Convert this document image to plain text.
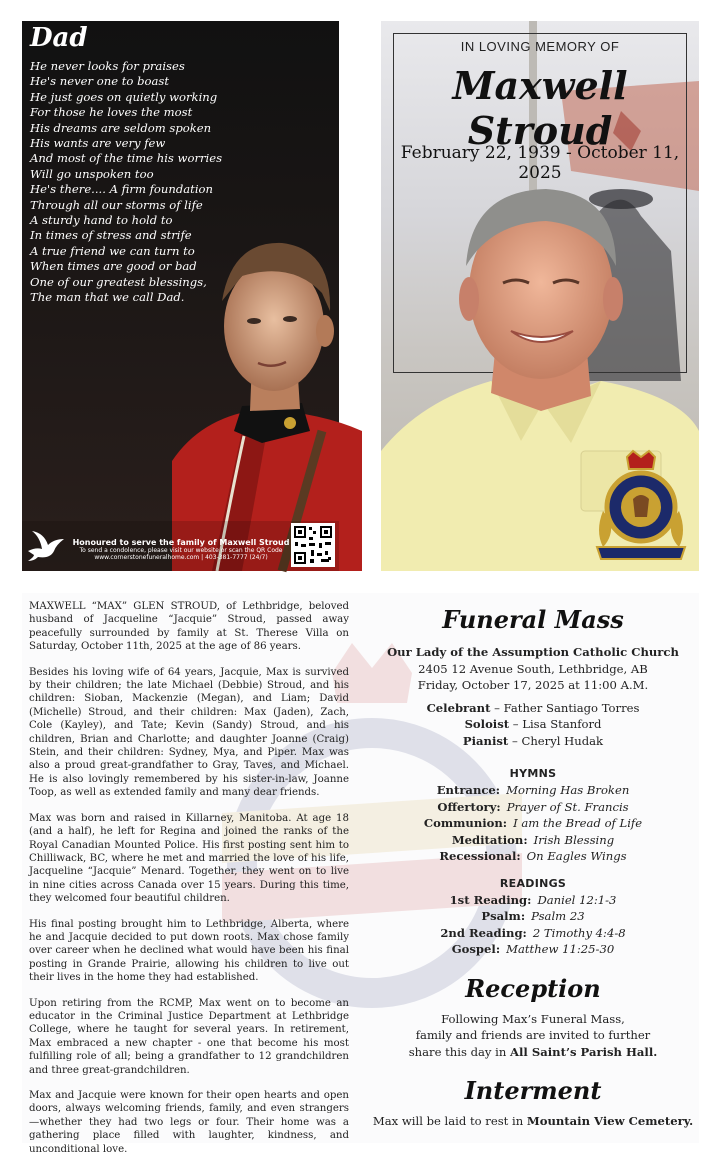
Dad
He never looks for praises
He's never one to boast
He just goes on quietly working
For those he loves the most
His dreams are seldom spoken
His wants are very few
And most of the time his worries
Will go unspoken too
He's there.... A firm foundation
Through all our storms of life
A sturdy hand to hold to
In times of stress and strife
A true friend we can turn to
When times are good or bad
One of our greatest blessings,
The man that we call Dad.
Honoured to serve the family of Maxwell Stroud
To send a condolence, please visit our website or scan the QR Code
www.cornerstonefuneralhome.com | 403-381-7777 (24/7)
IN LOVING MEMORY OF
Maxwell Stroud
February 22, 1939 - October 11, 2025

MAXWELL “MAX” GLEN STROUD, of Lethbridge, beloved husband of Jacqueline “Jacquie” Stroud, passed away peacefully surrounded by family at St. Therese Villa on Saturday, October 11th, 2025 at the age of 86 years.

Besides his loving wife of 64 years, Jacquie, Max is survived by their children; the late Michael (Debbie) Stroud, and his children: Sioban, Mackenzie (Megan), and Liam; David (Michelle) Stroud, and their children: Max (Jaden), Zach, Cole (Kayley), and Tate; Kevin (Sandy) Stroud, and his children, Brian and Charlotte; and daughter Joanne (Craig) Stein, and their children: Sydney, Mya, and Piper. Max was also a proud great-grandfather to Gray, Taves, and Michael. He is also lovingly remembered by his sister-in-law, Joanne Toop, as well as extended family and many dear friends.

Max was born and raised in Killarney, Manitoba. At age 18 (and a half), he left for Regina and joined the ranks of the Royal Canadian Mounted Police. His first posting sent him to Chilliwack, BC, where he met and married the love of his life, Jacqueline “Jacquie” Menard. Together, they went on to live in nine cities across Canada over 15 years. During this time, they welcomed four beautiful children.

His final posting brought him to Lethbridge, Alberta, where he and Jacquie decided to put down roots. Max chose family over career when he declined what would have been his final posting in Grande Prairie, allowing his children to live out their lives in the home they had established.

Upon retiring from the RCMP, Max went on to become an educator in the Criminal Justice Department at Lethbridge College, where he taught for several years. In retirement, Max embraced a new chapter - one that become his most fulfilling role of all; being a grandfather to 12 grandchildren and three great-grandchildren.

Max and Jacquie were known for their open hearts and open doors, always welcoming friends, family, and even strangers—whether they had two legs or four. Their home was a gathering place filled with laughter, kindness, and unconditional love.

Funeral Mass
Our Lady of the Assumption Catholic Church
2405 12 Avenue South, Lethbridge, AB
Friday, October 17, 2025 at 11:00 A.M.
Celebrant – Father Santiago Torres
Soloist – Lisa Stanford
Pianist – Cheryl Hudak
HYMNS
Entrance: Morning Has Broken
Offertory: Prayer of St. Francis
Communion: I am the Bread of Life
Meditation: Irish Blessing
Recessional: On Eagles Wings
READINGS
1st Reading: Daniel 12:1-3
Psalm: Psalm 23
2nd Reading: 2 Timothy 4:4-8
Gospel: Matthew 11:25-30
Reception
Following Max’s Funeral Mass,
family and friends are invited to further
share this day in All Saint’s Parish Hall.
Interment
Max will be laid to rest in Mountain View Cemetery.
